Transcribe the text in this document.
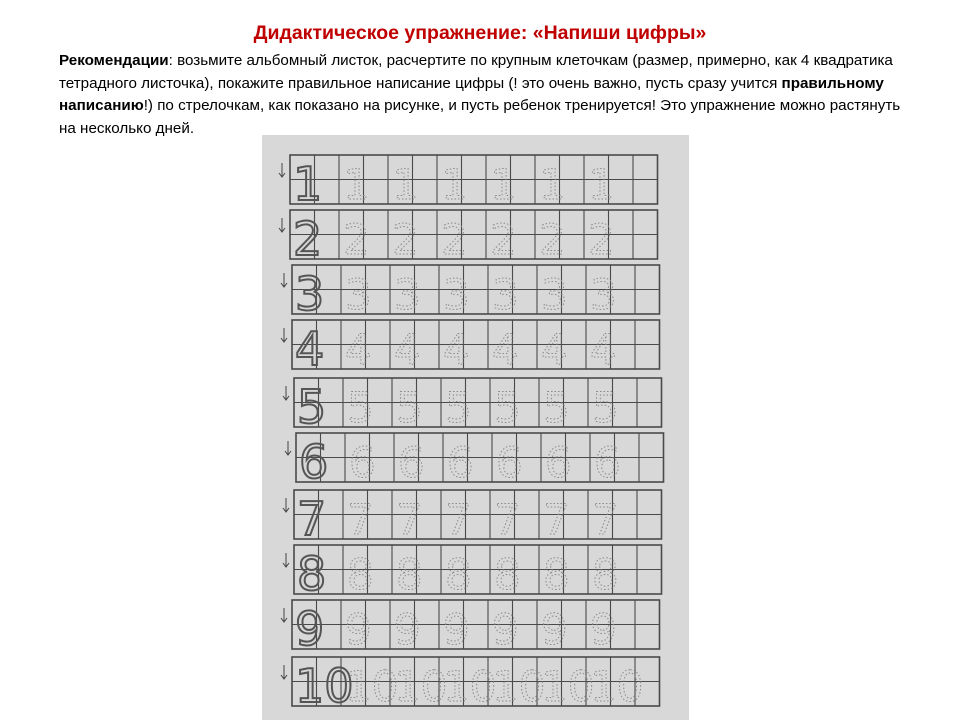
Дидактическое упражнение: «Напиши цифры»
Рекомендации: возьмите альбомный листок, расчертите по крупным клеточкам (размер, примерно, как 4 квадратика тетрадного листочка), покажите правильное написание цифры (! это очень важно, пусть сразу учится правильному написанию!) по стрелочкам, как показано на рисунке, и пусть ребенок тренируется! Это упражнение можно растянуть на несколько дней.
1 1 1 1 1 1 1
2 2 2 2 2 2 2
3 3 3 3 3 3 3
4 4 4 4 4 4 4
5 5 5 5 5 5 5
6 6 6 6 6 6 6
7 7 7 7 7 7 7
8 8 8 8 8 8 8
9 9 9 9 9 9 9
10
10
10
10
10
10
10
